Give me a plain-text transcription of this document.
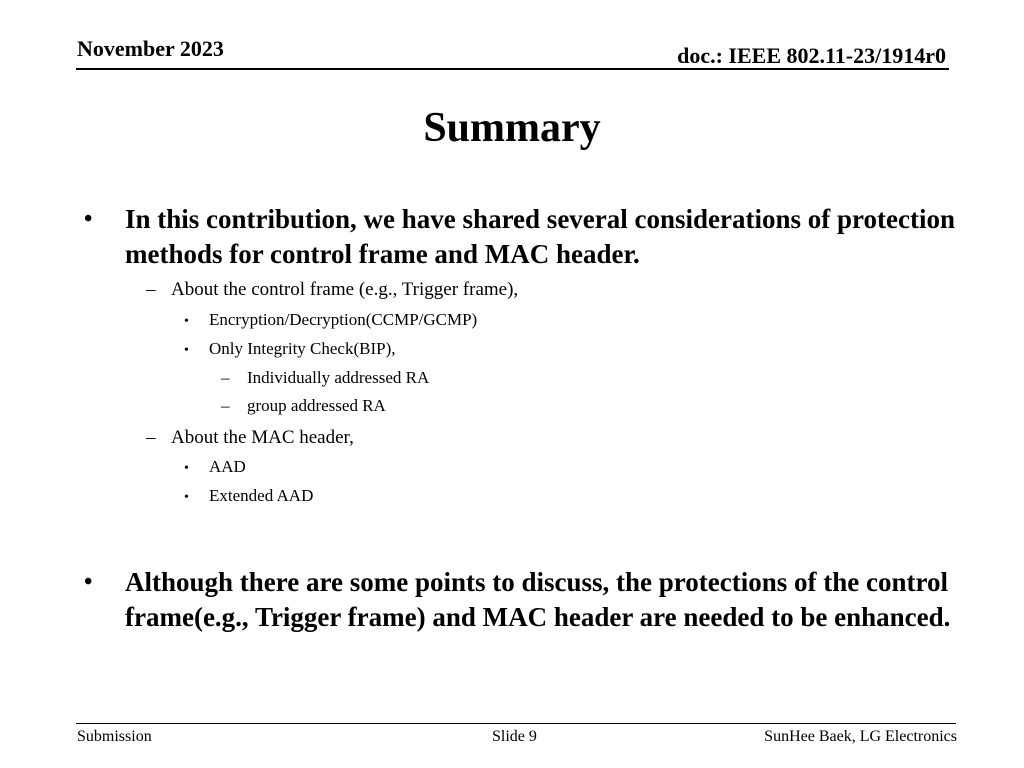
November 2023	doc.: IEEE 802.11-23/1914r0
Summary
• In this contribution, we have shared several considerations of protection methods for control frame and MAC header.
– About the control frame (e.g., Trigger frame),
• Encryption/Decryption(CCMP/GCMP)
• Only Integrity Check(BIP),
– Individually addressed RA
– group addressed RA
– About the MAC header,
• AAD
• Extended AAD
• Although there are some points to discuss, the protections of the control frame(e.g., Trigger frame) and MAC header are needed to be enhanced.
Submission	Slide 9	SunHee Baek, LG Electronics
